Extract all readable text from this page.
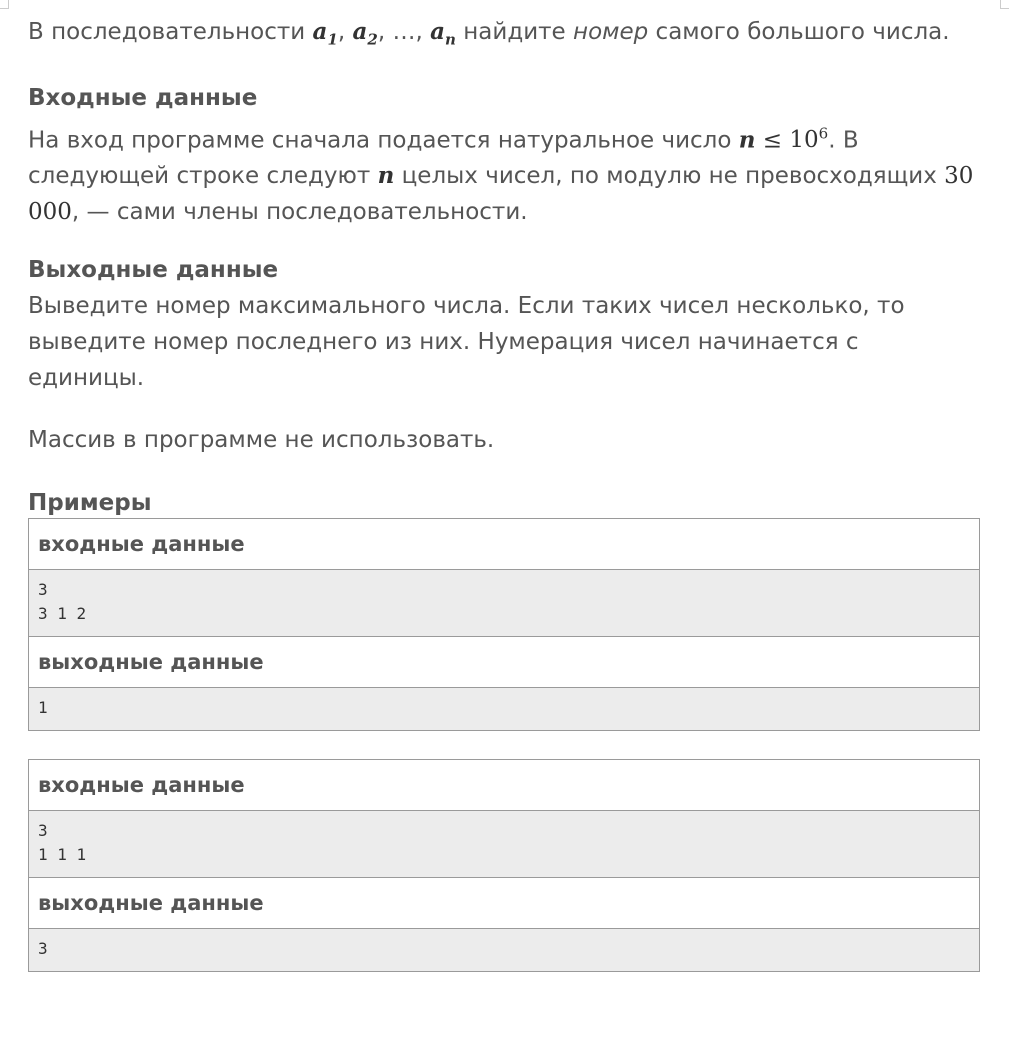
В последовательности $a_1$, $a_2$, …, $a_n$ найдите номер самого большого числа.

Входные данные

На вход программе сначала подается натуральное число $n \le 10^6$. В следующей строке следуют n целых чисел, по модулю не превосходящих 30 000, — сами члены последовательности.

Выходные данные

Выведите номер максимального числа. Если таких чисел несколько, то выведите номер последнего из них. Нумерация чисел начинается с единицы.

Массив в программе не использовать.

Примеры
входные данные
3
3 1 2
выходные данные
1
входные данные
3
1 1 1
выходные данные
3
